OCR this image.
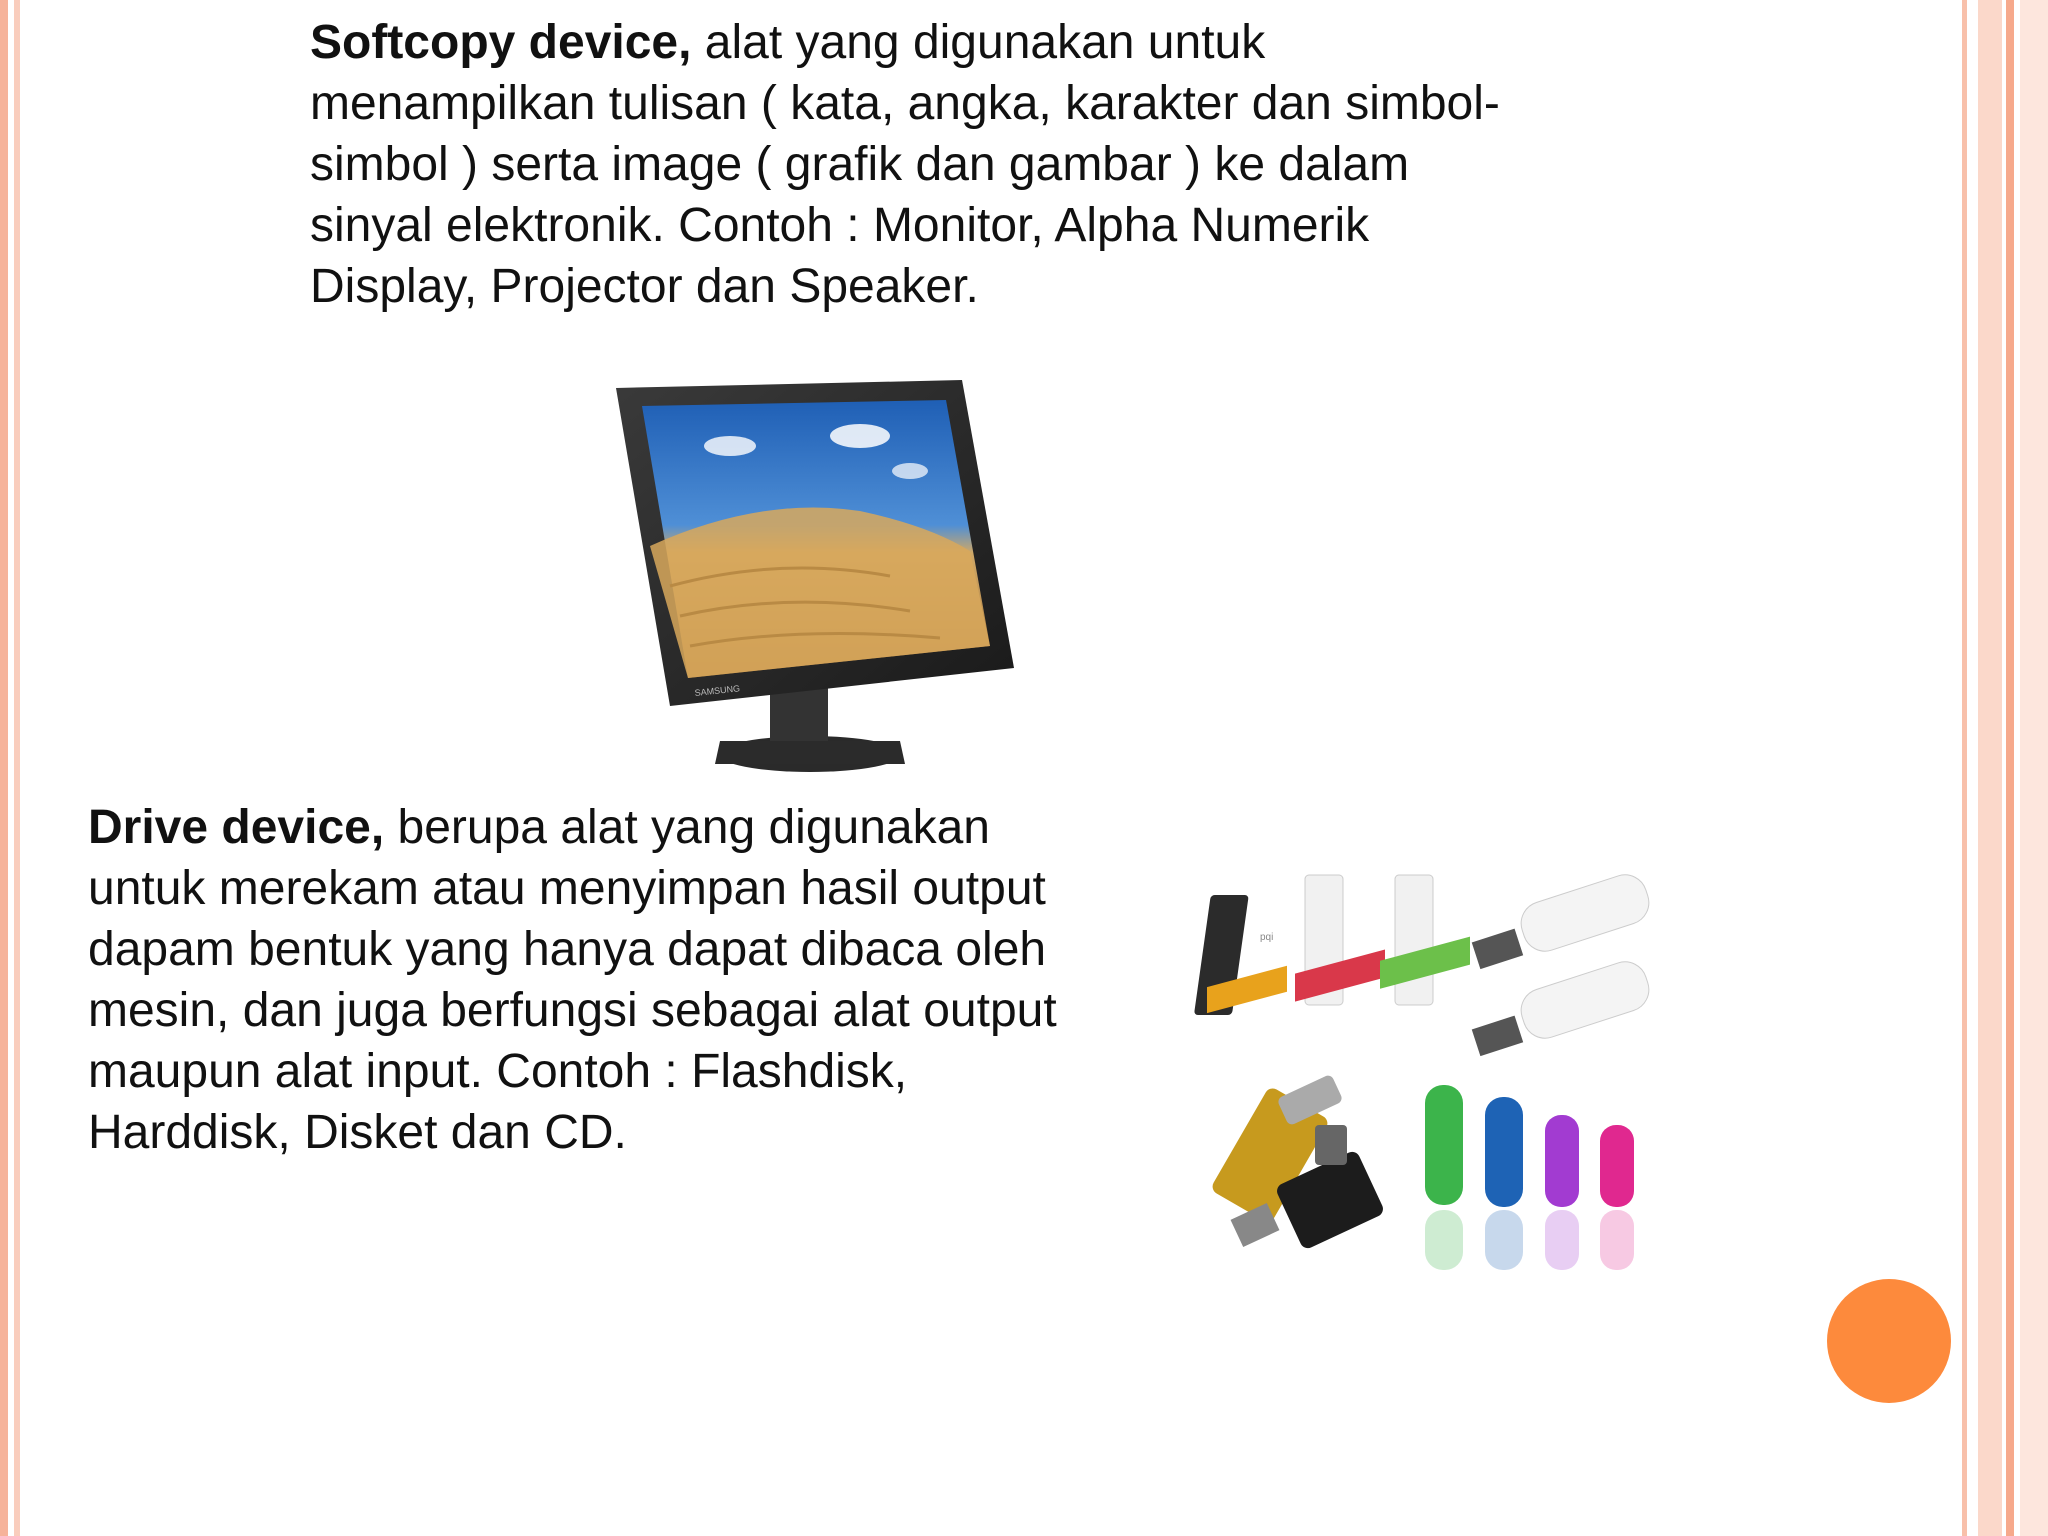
Softcopy device, alat yang digunakan untuk menampilkan tulisan ( kata, angka, karakter dan simbol-simbol ) serta image ( grafik dan gambar ) ke dalam sinyal elektronik. Contoh : Monitor, Alpha Numerik Display, Projector dan Speaker.

SAMSUNG

Drive device, berupa alat yang digunakan untuk merekam atau menyimpan hasil output dapam bentuk yang hanya dapat dibaca oleh mesin, dan juga berfungsi sebagai alat output maupun alat input. Contoh : Flashdisk, Harddisk, Disket dan CD.

pqi
